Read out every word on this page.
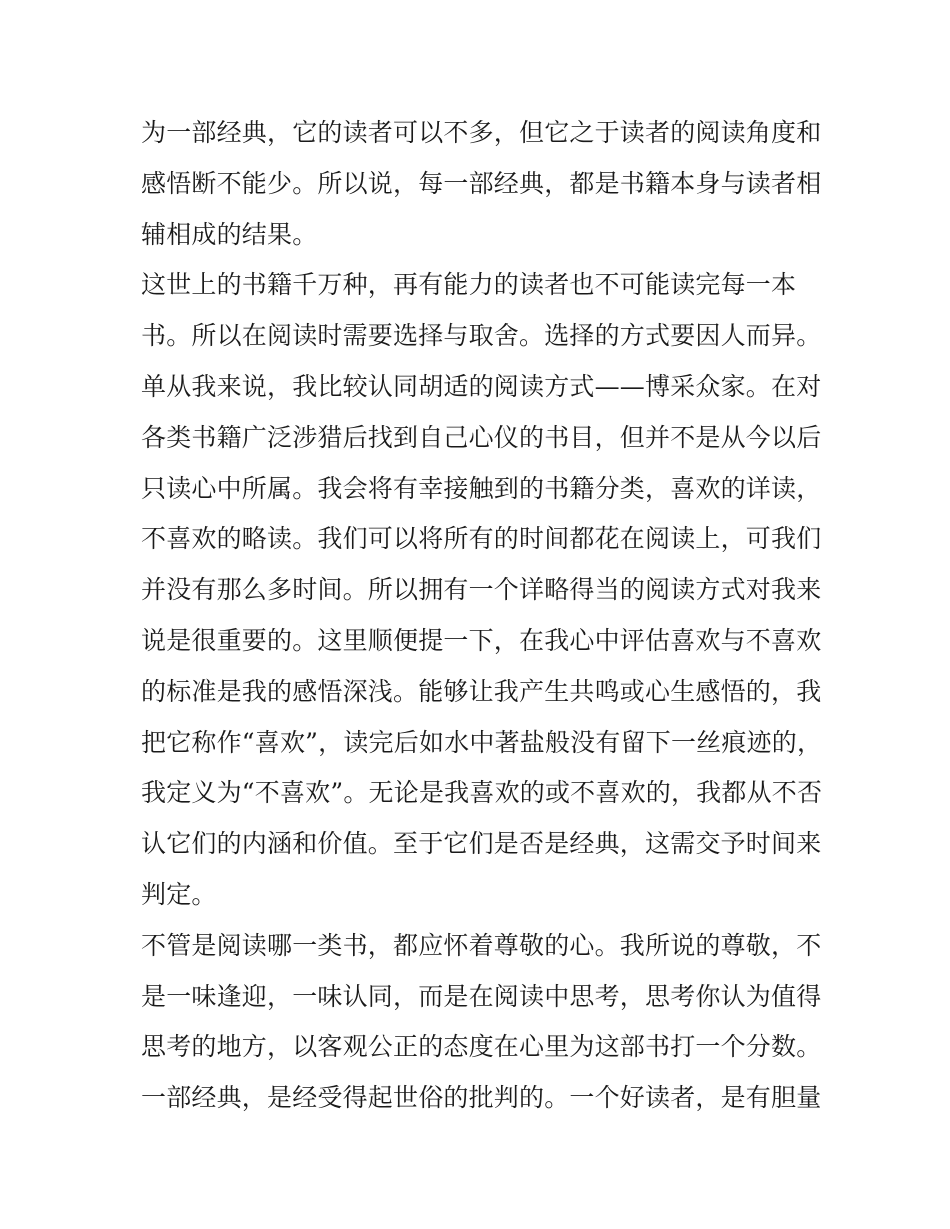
为一部经典，它的读者可以不多，但它之于读者的阅读角度和
感悟断不能少。所以说，每一部经典，都是书籍本身与读者相
辅相成的结果。
这世上的书籍千万种，再有能力的读者也不可能读完每一本
书。所以在阅读时需要选择与取舍。选择的方式要因人而异。
单从我来说，我比较认同胡适的阅读方式——博采众家。在对
各类书籍广泛涉猎后找到自己心仪的书目，但并不是从今以后
只读心中所属。我会将有幸接触到的书籍分类，喜欢的详读，
不喜欢的略读。我们可以将所有的时间都花在阅读上，可我们
并没有那么多时间。所以拥有一个详略得当的阅读方式对我来
说是很重要的。这里顺便提一下，在我心中评估喜欢与不喜欢
的标准是我的感悟深浅。能够让我产生共鸣或心生感悟的，我
把它称作“喜欢”，读完后如水中著盐般没有留下一丝痕迹的，
我定义为“不喜欢”。无论是我喜欢的或不喜欢的，我都从不否
认它们的内涵和价值。至于它们是否是经典，这需交予时间来
判定。
不管是阅读哪一类书，都应怀着尊敬的心。我所说的尊敬，不
是一味逢迎，一味认同，而是在阅读中思考，思考你认为值得
思考的地方，以客观公正的态度在心里为这部书打一个分数。
一部经典，是经受得起世俗的批判的。一个好读者，是有胆量
